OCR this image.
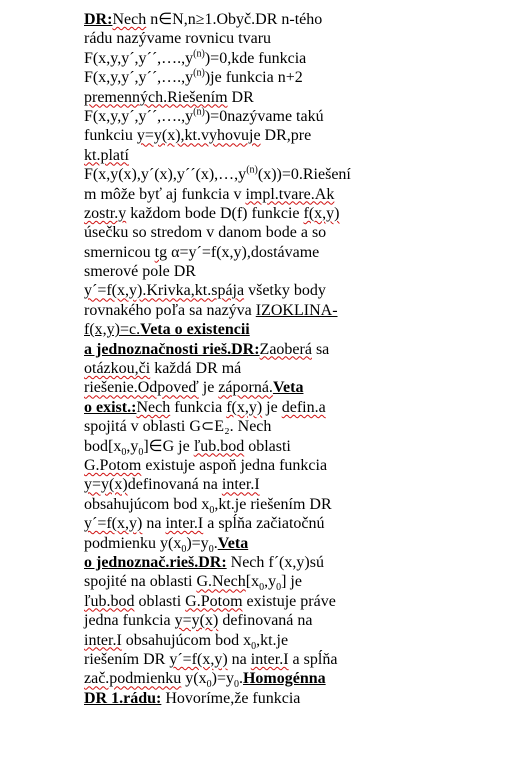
DR:Nech n∈N,n≥1.Obyč.DR n-tého
rádu nazývame rovnicu tvaru
$F(x,y,y´,y´´,\dots.,y^{(n)})=0,kde$ funkcia
$F(x,y,y´,y´´,\dots.,y^{(n)})je$ funkcia n+2
premenných.Riešením DR
$F(x,y,y´,y´´,\dots.,y^{(n)})=0nazývame$ takú
funkciu y=y(x),kt.vyhovuje DR,pre
kt.platí
$F(x,y(x),y´(x),y´´(x),\dots,y^{(n)}(x))=0.Riešení$
m môže byť aj funkcia v impl.tvare.Ak
zostr.y každom bode D(f) funkcie f(x,y)
úsečku so stredom v danom bode a so
smernicou tg α=y´=f(x,y),dostávame
smerové pole DR
y´=f(x,y).Krivka,kt.spája všetky body
rovnakého poľa sa nazýva IZOKLINA-
f(x,y)=c.Veta o existencii
a jednoznačnosti rieš.DR:Zaoberá sa
otázkou,či každá DR má
riešenie.Odpoveď je záporná.Veta
o exist.:Nech funkcia f(x,y) je defin.a
spojitá v oblasti G⊂E₂. Nech
$bod[x_0,y_0]\in G$ je ľub.bod oblasti
G.Potom existuje aspoň jedna funkcia
y=y(x)definovaná na inter.I
obsahujúcom bod $x_0,kt.je$ riešením DR
y´=f(x,y) na inter.I a spĺňa začiatočnú
podmienku $y(x_0)=y_0.Veta$
o jednoznač.rieš.DR: Nech f´(x,y)sú
spojité na oblasti $G.Nech[x_0,y_0]$ je
ľub.bod oblasti G.Potom existuje práve
jedna funkcia y=y(x) definovaná na
inter.I obsahujúcom bod $x_0,kt.je$
riešením DR y´=f(x,y) na inter.I a spĺňa
zač.podmienku $y(x_0)=y_0.Homogénna$
DR 1.rádu: Hovoríme,že funkcia
